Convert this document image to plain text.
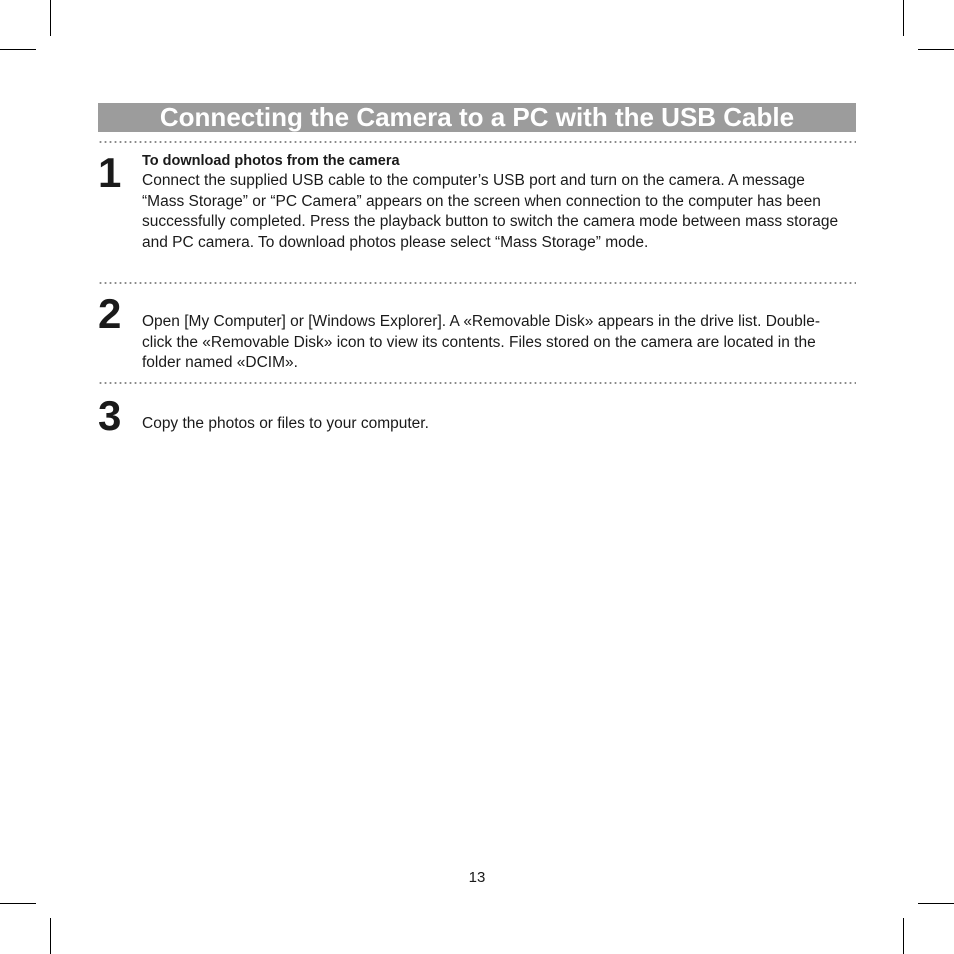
Connecting the Camera to a PC with the USB Cable
1 To download photos from the camera
Connect the supplied USB cable to the computer’s USB port and turn on the camera. A message “Mass Storage” or “PC Camera” appears on the screen when connection to the computer has been successfully completed. Press the playback button to switch the camera mode between mass storage and PC camera. To download photos please select “Mass Storage” mode.
2 Open [My Computer] or [Windows Explorer]. A «Removable Disk» appears in the drive list. Double-click the «Removable Disk» icon to view its contents. Files stored on the camera are located in the folder named «DCIM».
3 Copy the photos or files to your computer.
13
